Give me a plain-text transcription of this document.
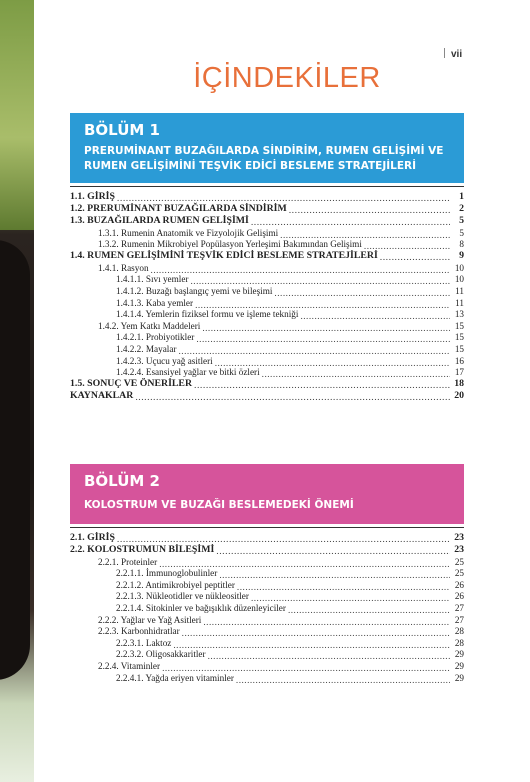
vii
İÇİNDEKİLER
BÖLÜM 1
PRERUMİNANT BUZAĞILARDA SİNDİRİM, RUMEN GELİŞİMİ VE
RUMEN GELİŞİMİNİ TEŞVİK EDİCİ BESLEME STRATEJİLERİ
1.1. GİRİŞ .....	1
1.2. PRERUMİNANT BUZAĞILARDA SİNDİRİM .....	2
1.3. BUZAĞILARDA RUMEN GELİŞİMİ .....	5
1.3.1. Rumenin Anatomik ve Fizyolojik Gelişimi .....	5
1.3.2. Rumenin Mikrobiyel Popülasyon Yerleşimi Bakımından Gelişimi .....	8
1.4. RUMEN GELİŞİMİNİ TEŞVİK EDİCİ BESLEME STRATEJİLERİ .....	9
1.4.1. Rasyon .....	10
1.4.1.1. Sıvı yemler .....	10
1.4.1.2. Buzağı başlangıç yemi ve bileşimi .....	11
1.4.1.3. Kaba yemler .....	11
1.4.1.4. Yemlerin fiziksel formu ve işleme tekniği .....	13
1.4.2. Yem Katkı Maddeleri .....	15
1.4.2.1. Probiyotikler .....	15
1.4.2.2. Mayalar .....	15
1.4.2.3. Uçucu yağ asitleri .....	16
1.4.2.4. Esansiyel yağlar ve bitki özleri .....	17
1.5. SONUÇ VE ÖNERİLER .....	18
KAYNAKLAR .....	20
BÖLÜM 2
KOLOSTRUM VE BUZAĞI BESLEMEDEKİ ÖNEMİ
2.1. GİRİŞ .....	23
2.2. KOLOSTRUMUN BİLEŞİMİ .....	23
2.2.1. Proteinler .....	25
2.2.1.1. İmmunoglobulinler .....	25
2.2.1.2. Antimikrobiyel peptitler .....	26
2.2.1.3. Nükleotidler ve nükleositler .....	26
2.2.1.4. Sitokinler ve bağışıklık düzenleyiciler .....	27
2.2.2. Yağlar ve Yağ Asitleri .....	27
2.2.3. Karbonhidratlar .....	28
2.2.3.1. Laktoz .....	28
2.2.3.2. Oligosakkaritler .....	29
2.2.4. Vitaminler .....	29
2.2.4.1. Yağda eriyen vitaminler .....	29
